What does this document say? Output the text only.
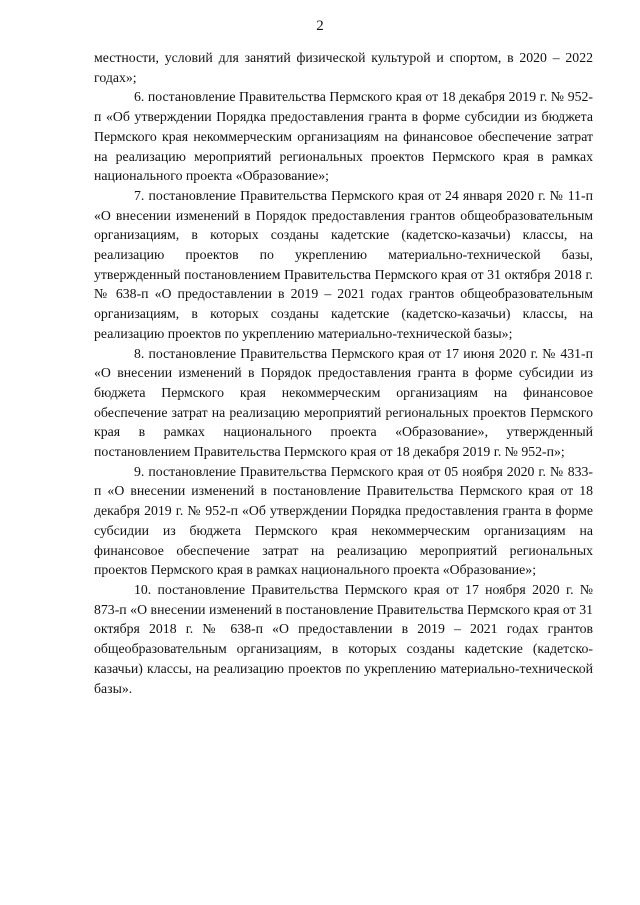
2

местности, условий для занятий физической культурой и спортом, в 2020 – 2022 годах»;

6. постановление Правительства Пермского края от 18 декабря 2019 г. № 952-п «Об утверждении Порядка предоставления гранта в форме субсидии из бюджета Пермского края некоммерческим организациям на финансовое обеспечение затрат на реализацию мероприятий региональных проектов Пермского края в рамках национального проекта «Образование»;

7. постановление Правительства Пермского края от 24 января 2020 г. № 11-п «О внесении изменений в Порядок предоставления грантов общеобразовательным организациям, в которых созданы кадетские (кадетско-казачьи) классы, на реализацию проектов по укреплению материально-технической базы, утвержденный постановлением Правительства Пермского края от 31 октября 2018 г. № 638-п «О предоставлении в 2019 – 2021 годах грантов общеобразовательным организациям, в которых созданы кадетские (кадетско-казачьи) классы, на реализацию проектов по укреплению материально-технической базы»;

8. постановление Правительства Пермского края от 17 июня 2020 г. № 431-п «О внесении изменений в Порядок предоставления гранта в форме субсидии из бюджета Пермского края некоммерческим организациям на финансовое обеспечение затрат на реализацию мероприятий региональных проектов Пермского края в рамках национального проекта «Образование», утвержденный постановлением Правительства Пермского края от 18 декабря 2019 г. № 952-п»;

9. постановление Правительства Пермского края от 05 ноября 2020 г. № 833-п «О внесении изменений в постановление Правительства Пермского края от 18 декабря 2019 г. № 952-п «Об утверждении Порядка предоставления гранта в форме субсидии из бюджета Пермского края некоммерческим организациям на финансовое обеспечение затрат на реализацию мероприятий региональных проектов Пермского края в рамках национального проекта «Образование»;

10. постановление Правительства Пермского края от 17 ноября 2020 г. № 873-п «О внесении изменений в постановление Правительства Пермского края от 31 октября 2018 г. № 638-п «О предоставлении в 2019 – 2021 годах грантов общеобразовательным организациям, в которых созданы кадетские (кадетско-казачьи) классы, на реализацию проектов по укреплению материально-технической базы».
